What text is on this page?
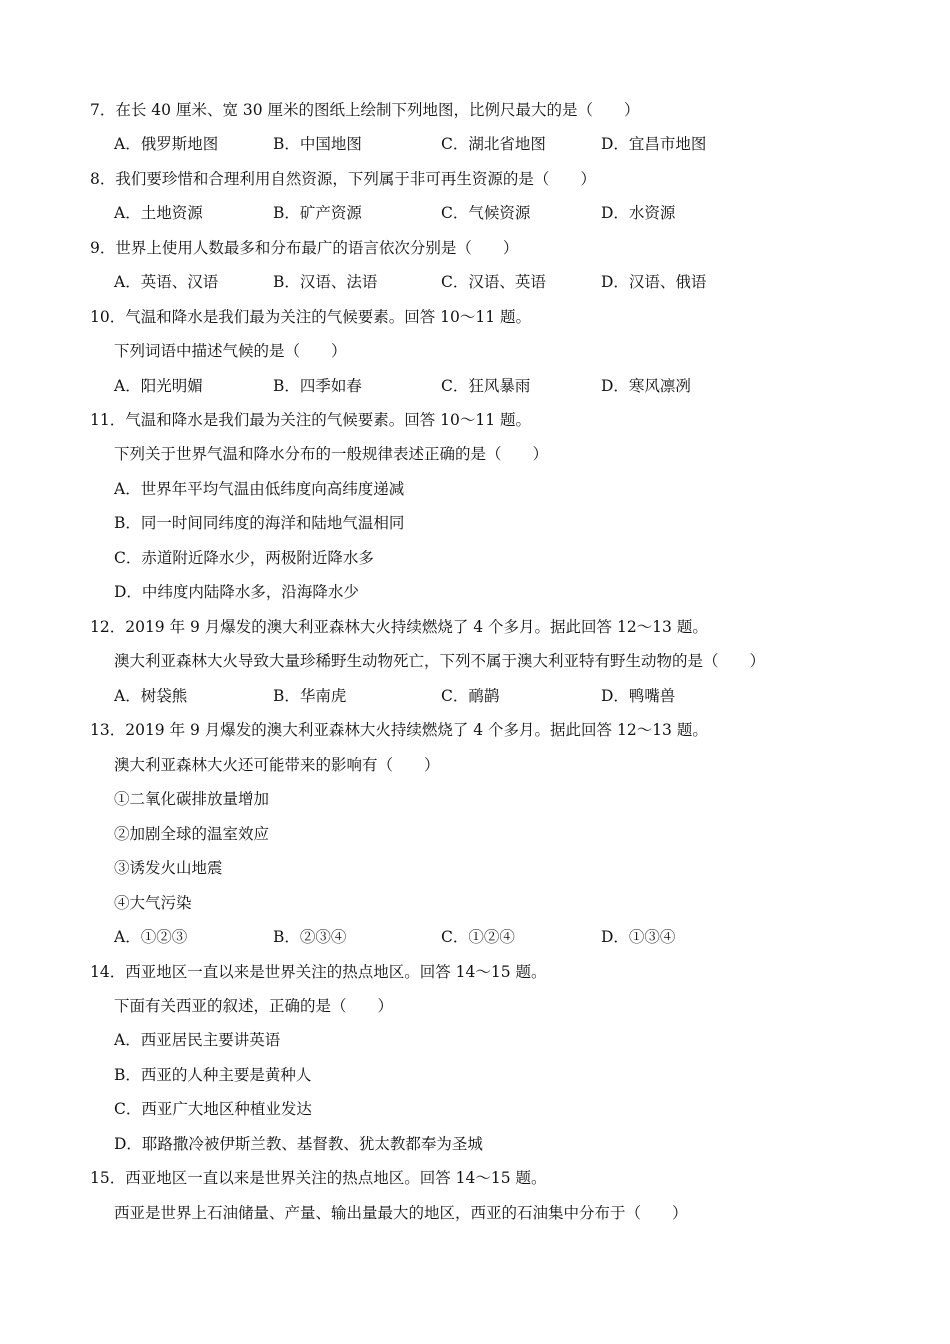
7．在长 40 厘米、宽 30 厘米的图纸上绘制下列地图，比例尺最大的是（　　）
A．俄罗斯地图	B．中国地图	C．湖北省地图	D．宜昌市地图
8．我们要珍惜和合理利用自然资源，下列属于非可再生资源的是（　　）
A．土地资源	B．矿产资源	C．气候资源	D．水资源
9．世界上使用人数最多和分布最广的语言依次分别是（　　）
A．英语、汉语	B．汉语、法语	C．汉语、英语	D．汉语、俄语
10．气温和降水是我们最为关注的气候要素。回答 10～11 题。
下列词语中描述气候的是（　　）
A．阳光明媚	B．四季如春	C．狂风暴雨	D．寒风凛冽
11．气温和降水是我们最为关注的气候要素。回答 10～11 题。
下列关于世界气温和降水分布的一般规律表述正确的是（　　）
A．世界年平均气温由低纬度向高纬度递减
B．同一时间同纬度的海洋和陆地气温相同
C．赤道附近降水少，两极附近降水多
D．中纬度内陆降水多，沿海降水少
12．2019 年 9 月爆发的澳大利亚森林大火持续燃烧了 4 个多月。据此回答 12～13 题。
澳大利亚森林大火导致大量珍稀野生动物死亡，下列不属于澳大利亚特有野生动物的是（　　）
A．树袋熊	B．华南虎	C．鸸鹋	D．鸭嘴兽
13．2019 年 9 月爆发的澳大利亚森林大火持续燃烧了 4 个多月。据此回答 12～13 题。
澳大利亚森林大火还可能带来的影响有（　　）
①二氧化碳排放量增加
②加剧全球的温室效应
③诱发火山地震
④大气污染
A．①②③	B．②③④	C．①②④	D．①③④
14．西亚地区一直以来是世界关注的热点地区。回答 14～15 题。
下面有关西亚的叙述，正确的是（　　）
A．西亚居民主要讲英语
B．西亚的人种主要是黄种人
C．西亚广大地区种植业发达
D．耶路撒冷被伊斯兰教、基督教、犹太教都奉为圣城
15．西亚地区一直以来是世界关注的热点地区。回答 14～15 题。
西亚是世界上石油储量、产量、输出量最大的地区，西亚的石油集中分布于（　　）
